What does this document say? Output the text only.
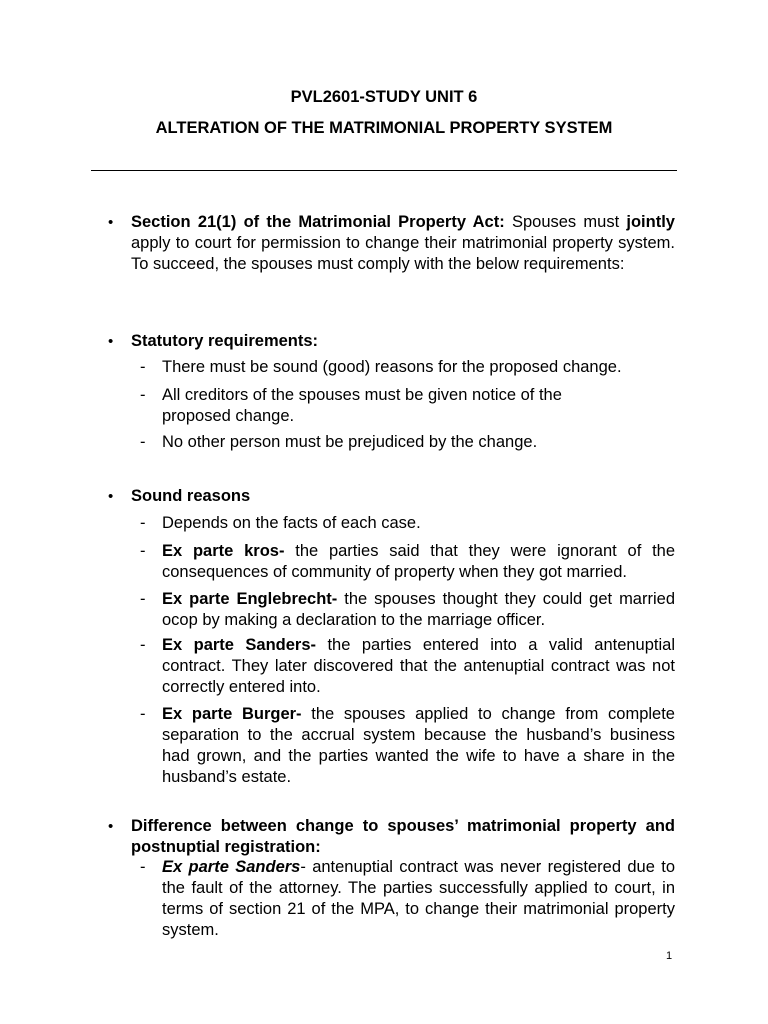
PVL2601-STUDY UNIT 6
ALTERATION OF THE MATRIMONIAL PROPERTY SYSTEM
• Section 21(1) of the Matrimonial Property Act: Spouses must jointly apply to court for permission to change their matrimonial property system. To succeed, the spouses must comply with the below requirements:
• Statutory requirements:
- There must be sound (good) reasons for the proposed change.
- All creditors of the spouses must be given notice of the proposed change.
- No other person must be prejudiced by the change.
• Sound reasons
- Depends on the facts of each case.
- Ex parte kros- the parties said that they were ignorant of the consequences of community of property when they got married.
- Ex parte Englebrecht- the spouses thought they could get married ocop by making a declaration to the marriage officer.
- Ex parte Sanders- the parties entered into a valid antenuptial contract. They later discovered that the antenuptial contract was not correctly entered into.
- Ex parte Burger- the spouses applied to change from complete separation to the accrual system because the husband’s business had grown, and the parties wanted the wife to have a share in the husband’s estate.
• Difference between change to spouses’ matrimonial property and postnuptial registration:
- Ex parte Sanders- antenuptial contract was never registered due to the fault of the attorney. The parties successfully applied to court, in terms of section 21 of the MPA, to change their matrimonial property system.
1
